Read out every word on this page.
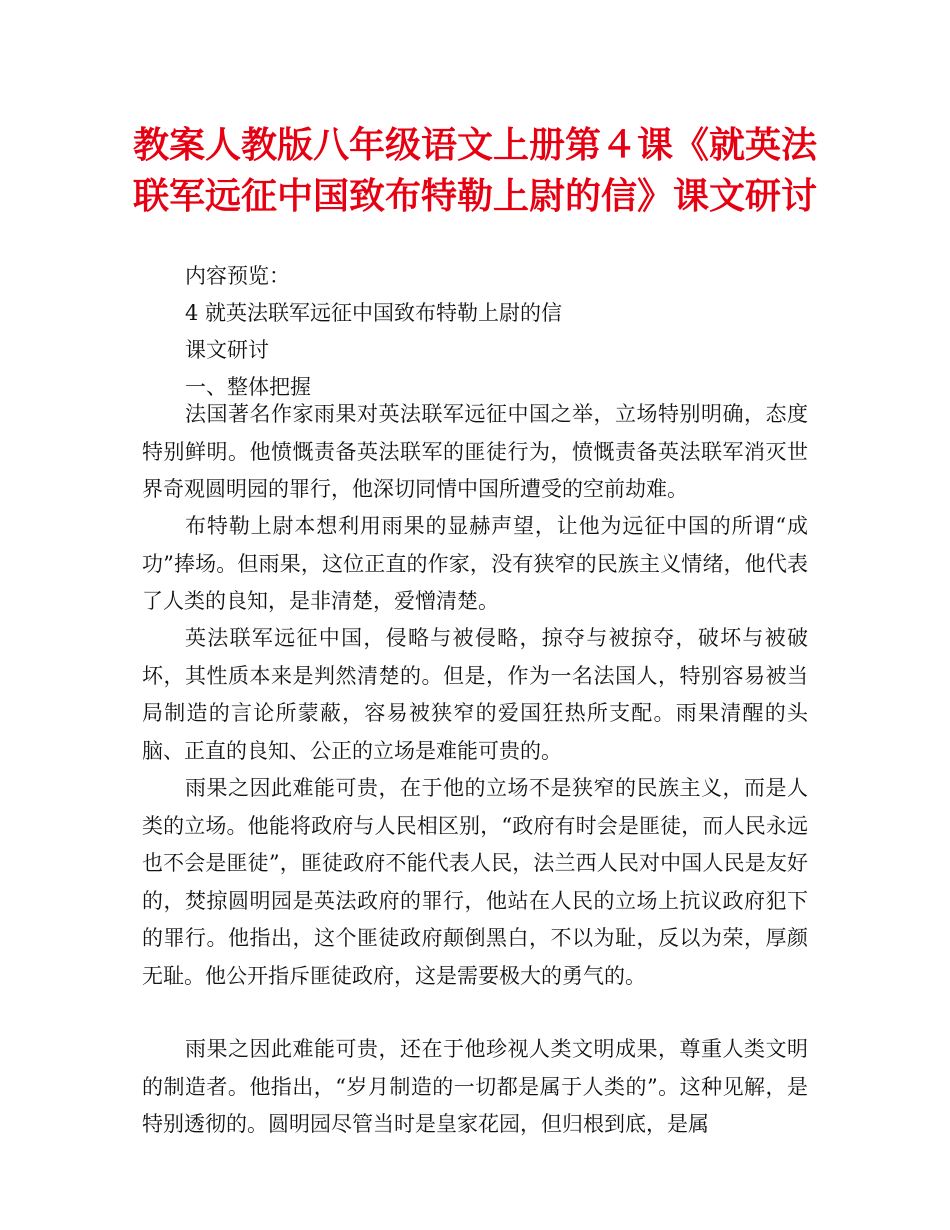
教案人教版八年级语文上册第４课《就英法联军远征中国致布特勒上尉的信》课文研讨

内容预览：

4 就英法联军远征中国致布特勒上尉的信

课文研讨

一、整体把握

法国著名作家雨果对英法联军远征中国之举，立场特别明确，态度特别鲜明。他愤慨责备英法联军的匪徒行为，愤慨责备英法联军消灭世界奇观圆明园的罪行，他深切同情中国所遭受的空前劫难。

布特勒上尉本想利用雨果的显赫声望，让他为远征中国的所谓“成功”捧场。但雨果，这位正直的作家，没有狭窄的民族主义情绪，他代表了人类的良知，是非清楚，爱憎清楚。

英法联军远征中国，侵略与被侵略，掠夺与被掠夺，破坏与被破坏，其性质本来是判然清楚的。但是，作为一名法国人，特别容易被当局制造的言论所蒙蔽，容易被狭窄的爱国狂热所支配。雨果清醒的头脑、正直的良知、公正的立场是难能可贵的。

雨果之因此难能可贵，在于他的立场不是狭窄的民族主义，而是人类的立场。他能将政府与人民相区别，“政府有时会是匪徒，而人民永远也不会是匪徒”，匪徒政府不能代表人民，法兰西人民对中国人民是友好的，焚掠圆明园是英法政府的罪行，他站在人民的立场上抗议政府犯下的罪行。他指出，这个匪徒政府颠倒黑白，不以为耻，反以为荣，厚颜无耻。他公开指斥匪徒政府，这是需要极大的勇气的。

雨果之因此难能可贵，还在于他珍视人类文明成果，尊重人类文明的制造者。他指出，“岁月制造的一切都是属于人类的”。这种见解，是特别透彻的。圆明园尽管当时是皇家花园，但归根到底，是属
